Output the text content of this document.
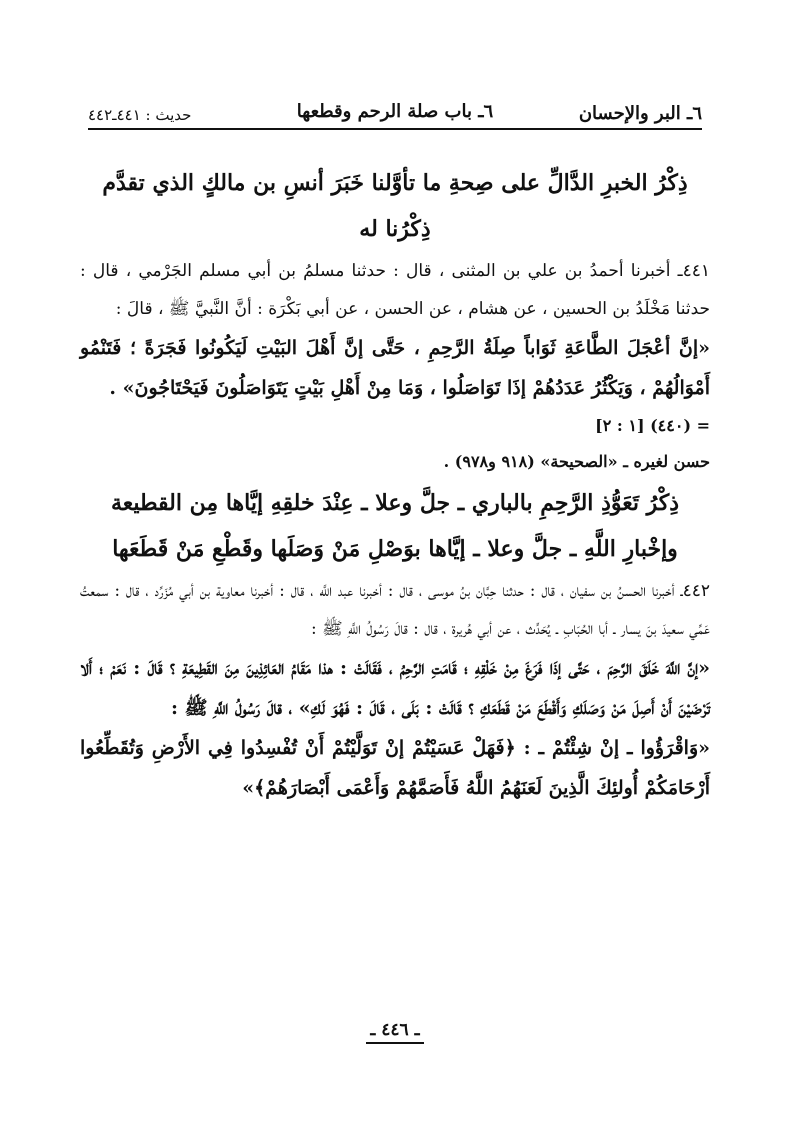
٦ـ البر والإحسان
٦ـ باب صلة الرحم وقطعها
حديث : ٤٤١ـ٤٤٢

ذِكْرُ الخبرِ الدَّالِّ على صِحةِ ما تأوَّلنا خَبَرَ أنسِ بن مالكٍ الذي تقدَّم ذِكْرُنا له

٤٤١ـ أخبرنا أحمدُ بن علي بن المثنى ، قال : حدثنا مسلمُ بن أبي مسلم الجَرْمي ، قال : حدثنا مَخْلَدُ بن الحسين ، عن هشام ، عن الحسن ، عن أبي بَكْرَة : أنَّ النَّبيَّ ﷺ ، قالَ :

«إنَّ أعْجَلَ الطَّاعَةِ ثَوَاباً صِلَةُ الرَّحِمِ ، حَتَّى إنَّ أَهْلَ البَيْتِ لَيَكُونُوا فَجَرَةً ؛ فَتَنْمُو أَمْوَالُهُمْ ، وَيَكْثُرُ عَدَدُهُمْ إذَا تَوَاصَلُوا ، وَمَا مِنْ أَهْلِ بَيْتٍ يَتَوَاصَلُونَ فَيَحْتَاجُونَ» .

= (٤٤٠) [١ : ٢]

حسن لغيره ـ «الصحيحة» (٩١٨ و٩٧٨) .

ذِكْرُ تَعَوُّذِ الرَّحِمِ بالباري ـ جلَّ وعلا ـ عِنْدَ خلقِهِ إيَّاها مِن القطيعة وإخْبارِ اللَّهِ ـ جلَّ وعلا ـ إيَّاها بوَصْلِ مَنْ وَصَلَها وقَطْعِ مَنْ قَطَعَها

٤٤٢ـ أخبرنا الحسنُ بن سفيان ، قال : حدثنا حِبَّان بنُ موسى ، قال : أخبرنا عبد اللَّه ، قال : أخبرنا معاوية بن أبي مُزَرِّد ، قال : سمعتُ عَمِّي سعيدَ بنَ يسار ـ أبا الحُبَابِ ـ يُحَدِّث ، عن أبي هُريرة ، قال : قالَ رَسُولُ اللَّهِ ﷺ :

«إنَّ اللَّهَ خَلَقَ الرَّحِمَ ، حَتَّى إذَا فَرَغَ مِنْ خَلْقِهِ ؛ قَامَتِ الرَّحِمُ ، فَقَالَتْ : هذا مَقَامُ العَائِذِينَ مِنَ القَطِيعَةِ ؟ قَالَ : نَعَمْ ؛ أَلا تَرْضَيْنَ أَنْ أَصِلَ مَنْ وَصَلَكِ وَأَقْطَعَ مَنْ قَطَعَكِ ؟ قَالَتْ : بَلَى ، قَالَ : فَهُوَ لَكِ» ، قالَ رَسُولُ اللَّهِ ﷺ :

«وَاقْرَؤُوا ـ إنْ شِئْتُمْ ـ : ﴿فَهَلْ عَسَيْتُمْ إنْ تَوَلَّيْتُمْ أَنْ تُفْسِدُوا فِي الأَرْضِ وَتُقَطِّعُوا أَرْحَامَكُمْ أُولئِكَ الَّذِينَ لَعَنَهُمُ اللَّهُ فَأَصَمَّهُمْ وَأَعْمَى أَبْصَارَهُمْ﴾»

ـ ٤٤٦ ـ
